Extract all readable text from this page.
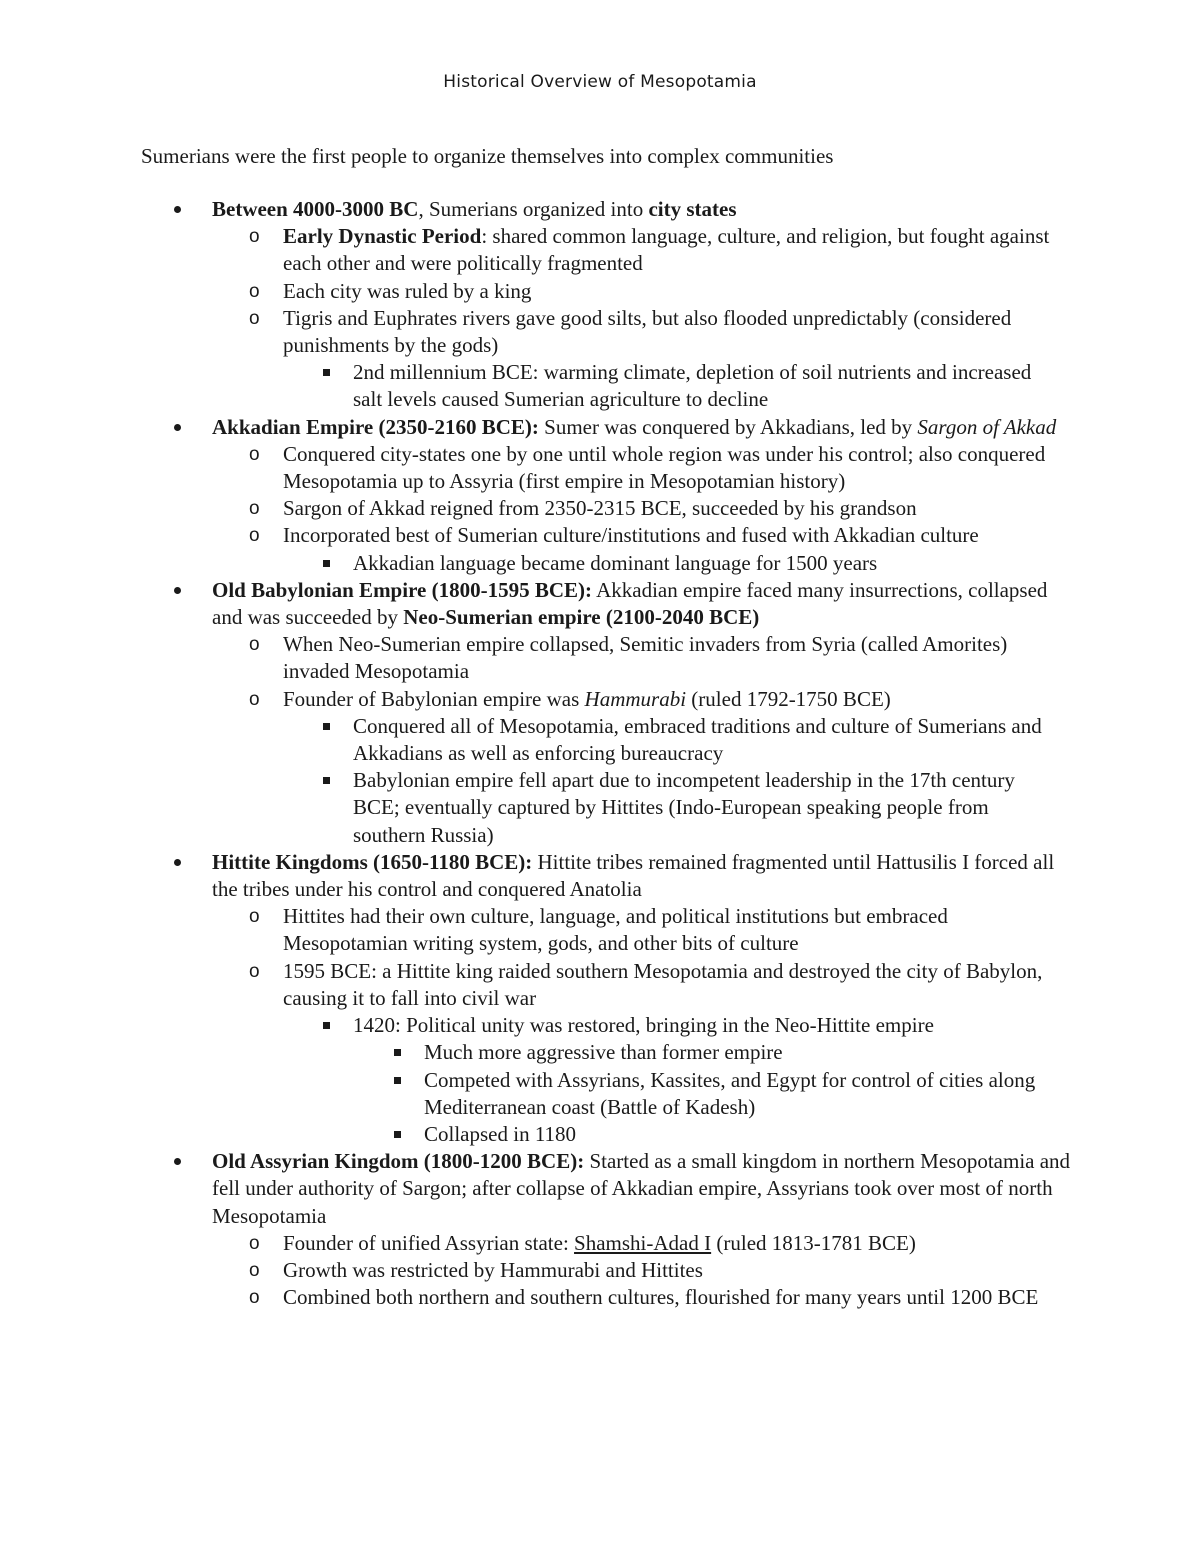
Historical Overview of Mesopotamia
Sumerians were the first people to organize themselves into complex communities
Between 4000-3000 BC, Sumerians organized into city states
o	Early Dynastic Period: shared common language, culture, and religion, but fought against each other and were politically fragmented
o	Each city was ruled by a king
o	Tigris and Euphrates rivers gave good silts, but also flooded unpredictably (considered punishments by the gods)
2nd millennium BCE: warming climate, depletion of soil nutrients and increased salt levels caused Sumerian agriculture to decline
Akkadian Empire (2350-2160 BCE): Sumer was conquered by Akkadians, led by Sargon of Akkad
o	Conquered city-states one by one until whole region was under his control; also conquered Mesopotamia up to Assyria (first empire in Mesopotamian history)
o	Sargon of Akkad reigned from 2350-2315 BCE, succeeded by his grandson
o	Incorporated best of Sumerian culture/institutions and fused with Akkadian culture
Akkadian language became dominant language for 1500 years
Old Babylonian Empire (1800-1595 BCE): Akkadian empire faced many insurrections, collapsed and was succeeded by Neo-Sumerian empire (2100-2040 BCE)
o	When Neo-Sumerian empire collapsed, Semitic invaders from Syria (called Amorites) invaded Mesopotamia
o	Founder of Babylonian empire was Hammurabi (ruled 1792-1750 BCE)
Conquered all of Mesopotamia, embraced traditions and culture of Sumerians and Akkadians as well as enforcing bureaucracy
Babylonian empire fell apart due to incompetent leadership in the 17th century BCE; eventually captured by Hittites (Indo-European speaking people from southern Russia)
Hittite Kingdoms (1650-1180 BCE): Hittite tribes remained fragmented until Hattusilis I forced all the tribes under his control and conquered Anatolia
o	Hittites had their own culture, language, and political institutions but embraced Mesopotamian writing system, gods, and other bits of culture
o	1595 BCE: a Hittite king raided southern Mesopotamia and destroyed the city of Babylon, causing it to fall into civil war
1420: Political unity was restored, bringing in the Neo-Hittite empire
Much more aggressive than former empire
Competed with Assyrians, Kassites, and Egypt for control of cities along Mediterranean coast (Battle of Kadesh)
Collapsed in 1180
Old Assyrian Kingdom (1800-1200 BCE): Started as a small kingdom in northern Mesopotamia and fell under authority of Sargon; after collapse of Akkadian empire, Assyrians took over most of north Mesopotamia
o	Founder of unified Assyrian state: Shamshi-Adad I (ruled 1813-1781 BCE)
o	Growth was restricted by Hammurabi and Hittites
o	Combined both northern and southern cultures, flourished for many years until 1200 BCE
